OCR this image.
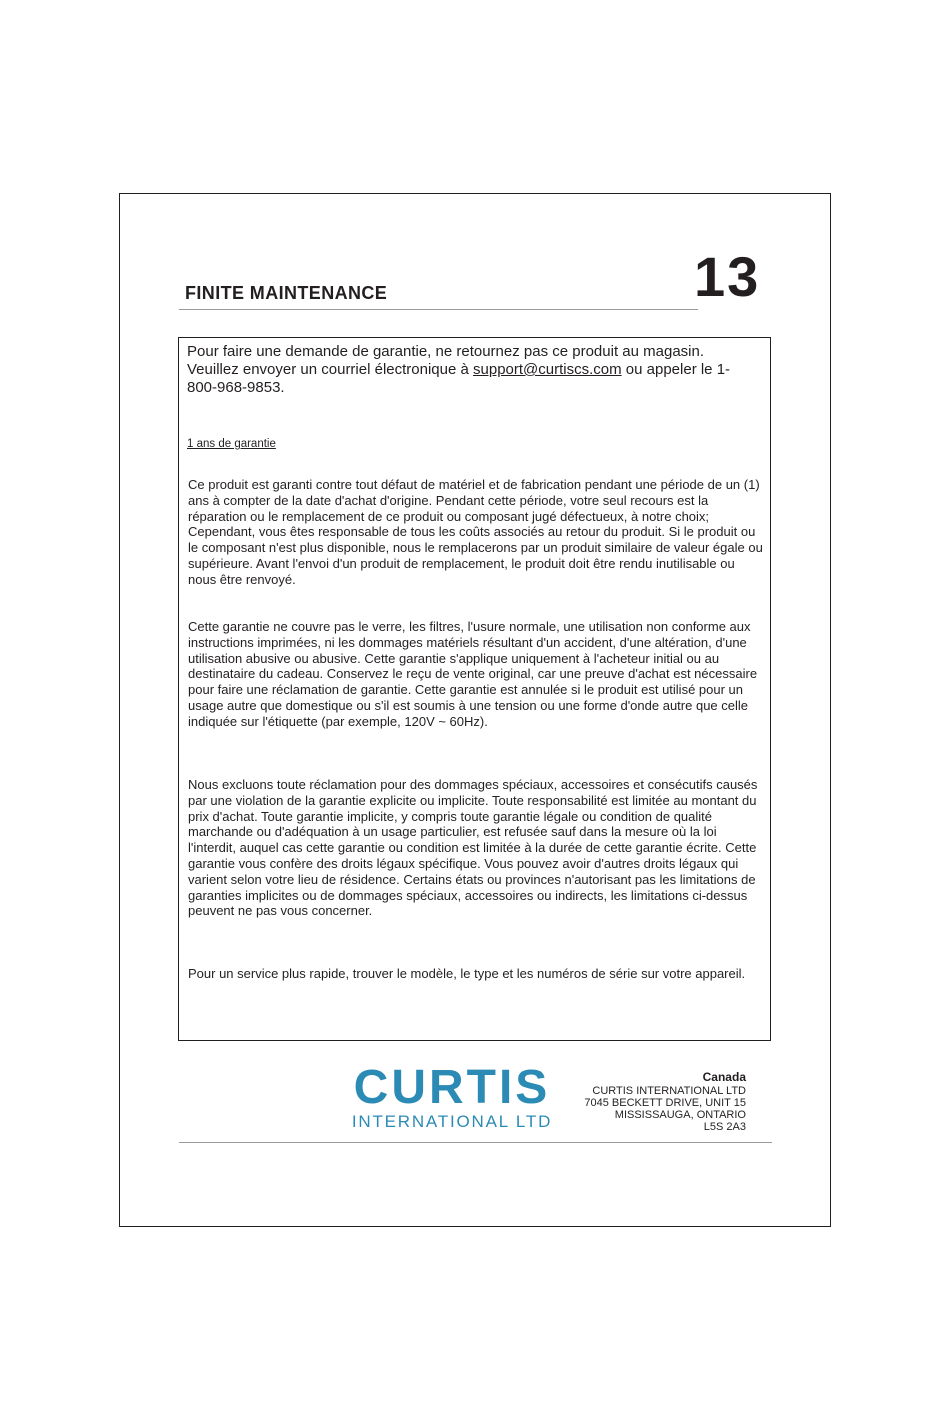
FINITE MAINTENANCE	13

Pour faire une demande de garantie, ne retournez pas ce produit au magasin.
Veuillez envoyer un courriel électronique à support@curtiscs.com ou appeler le 1-800-968-9853.

1 ans de garantie

Ce produit est garanti contre tout défaut de matériel et de fabrication pendant une période de un (1) ans à compter de la date d'achat d'origine. Pendant cette période, votre seul recours est la réparation ou le remplacement de ce produit ou composant jugé défectueux, à notre choix; Cependant, vous êtes responsable de tous les coûts associés au retour du produit. Si le produit ou le composant n'est plus disponible, nous le remplacerons par un produit similaire de valeur égale ou supérieure. Avant l'envoi d'un produit de remplacement, le produit doit être rendu inutilisable ou nous être renvoyé.

Cette garantie ne couvre pas le verre, les filtres, l'usure normale, une utilisation non conforme aux instructions imprimées, ni les dommages matériels résultant d'un accident, d'une altération, d'une utilisation abusive ou abusive. Cette garantie s'applique uniquement à l'acheteur initial ou au destinataire du cadeau. Conservez le reçu de vente original, car une preuve d'achat est nécessaire pour faire une réclamation de garantie. Cette garantie est annulée si le produit est utilisé pour un usage autre que domestique ou s'il est soumis à une tension ou une forme d'onde autre que celle indiquée sur l'étiquette (par exemple, 120V ~ 60Hz).

Nous excluons toute réclamation pour des dommages spéciaux, accessoires et consécutifs causés par une violation de la garantie explicite ou implicite. Toute responsabilité est limitée au montant du prix d'achat. Toute garantie implicite, y compris toute garantie légale ou condition de qualité marchande ou d'adéquation à un usage particulier, est refusée sauf dans la mesure où la loi l'interdit, auquel cas cette garantie ou condition est limitée à la durée de cette garantie écrite. Cette garantie vous confère des droits légaux spécifique. Vous pouvez avoir d'autres droits légaux qui varient selon votre lieu de résidence. Certains états ou provinces n'autorisant pas les limitations de garanties implicites ou de dommages spéciaux, accessoires ou indirects, les limitations ci-dessus peuvent ne pas vous concerner.

Pour un service plus rapide, trouver le modèle, le type et les numéros de série sur votre appareil.

CURTIS
INTERNATIONAL LTD
Canada
CURTIS INTERNATIONAL LTD
7045 BECKETT DRIVE, UNIT 15
MISSISSAUGA, ONTARIO
L5S 2A3
